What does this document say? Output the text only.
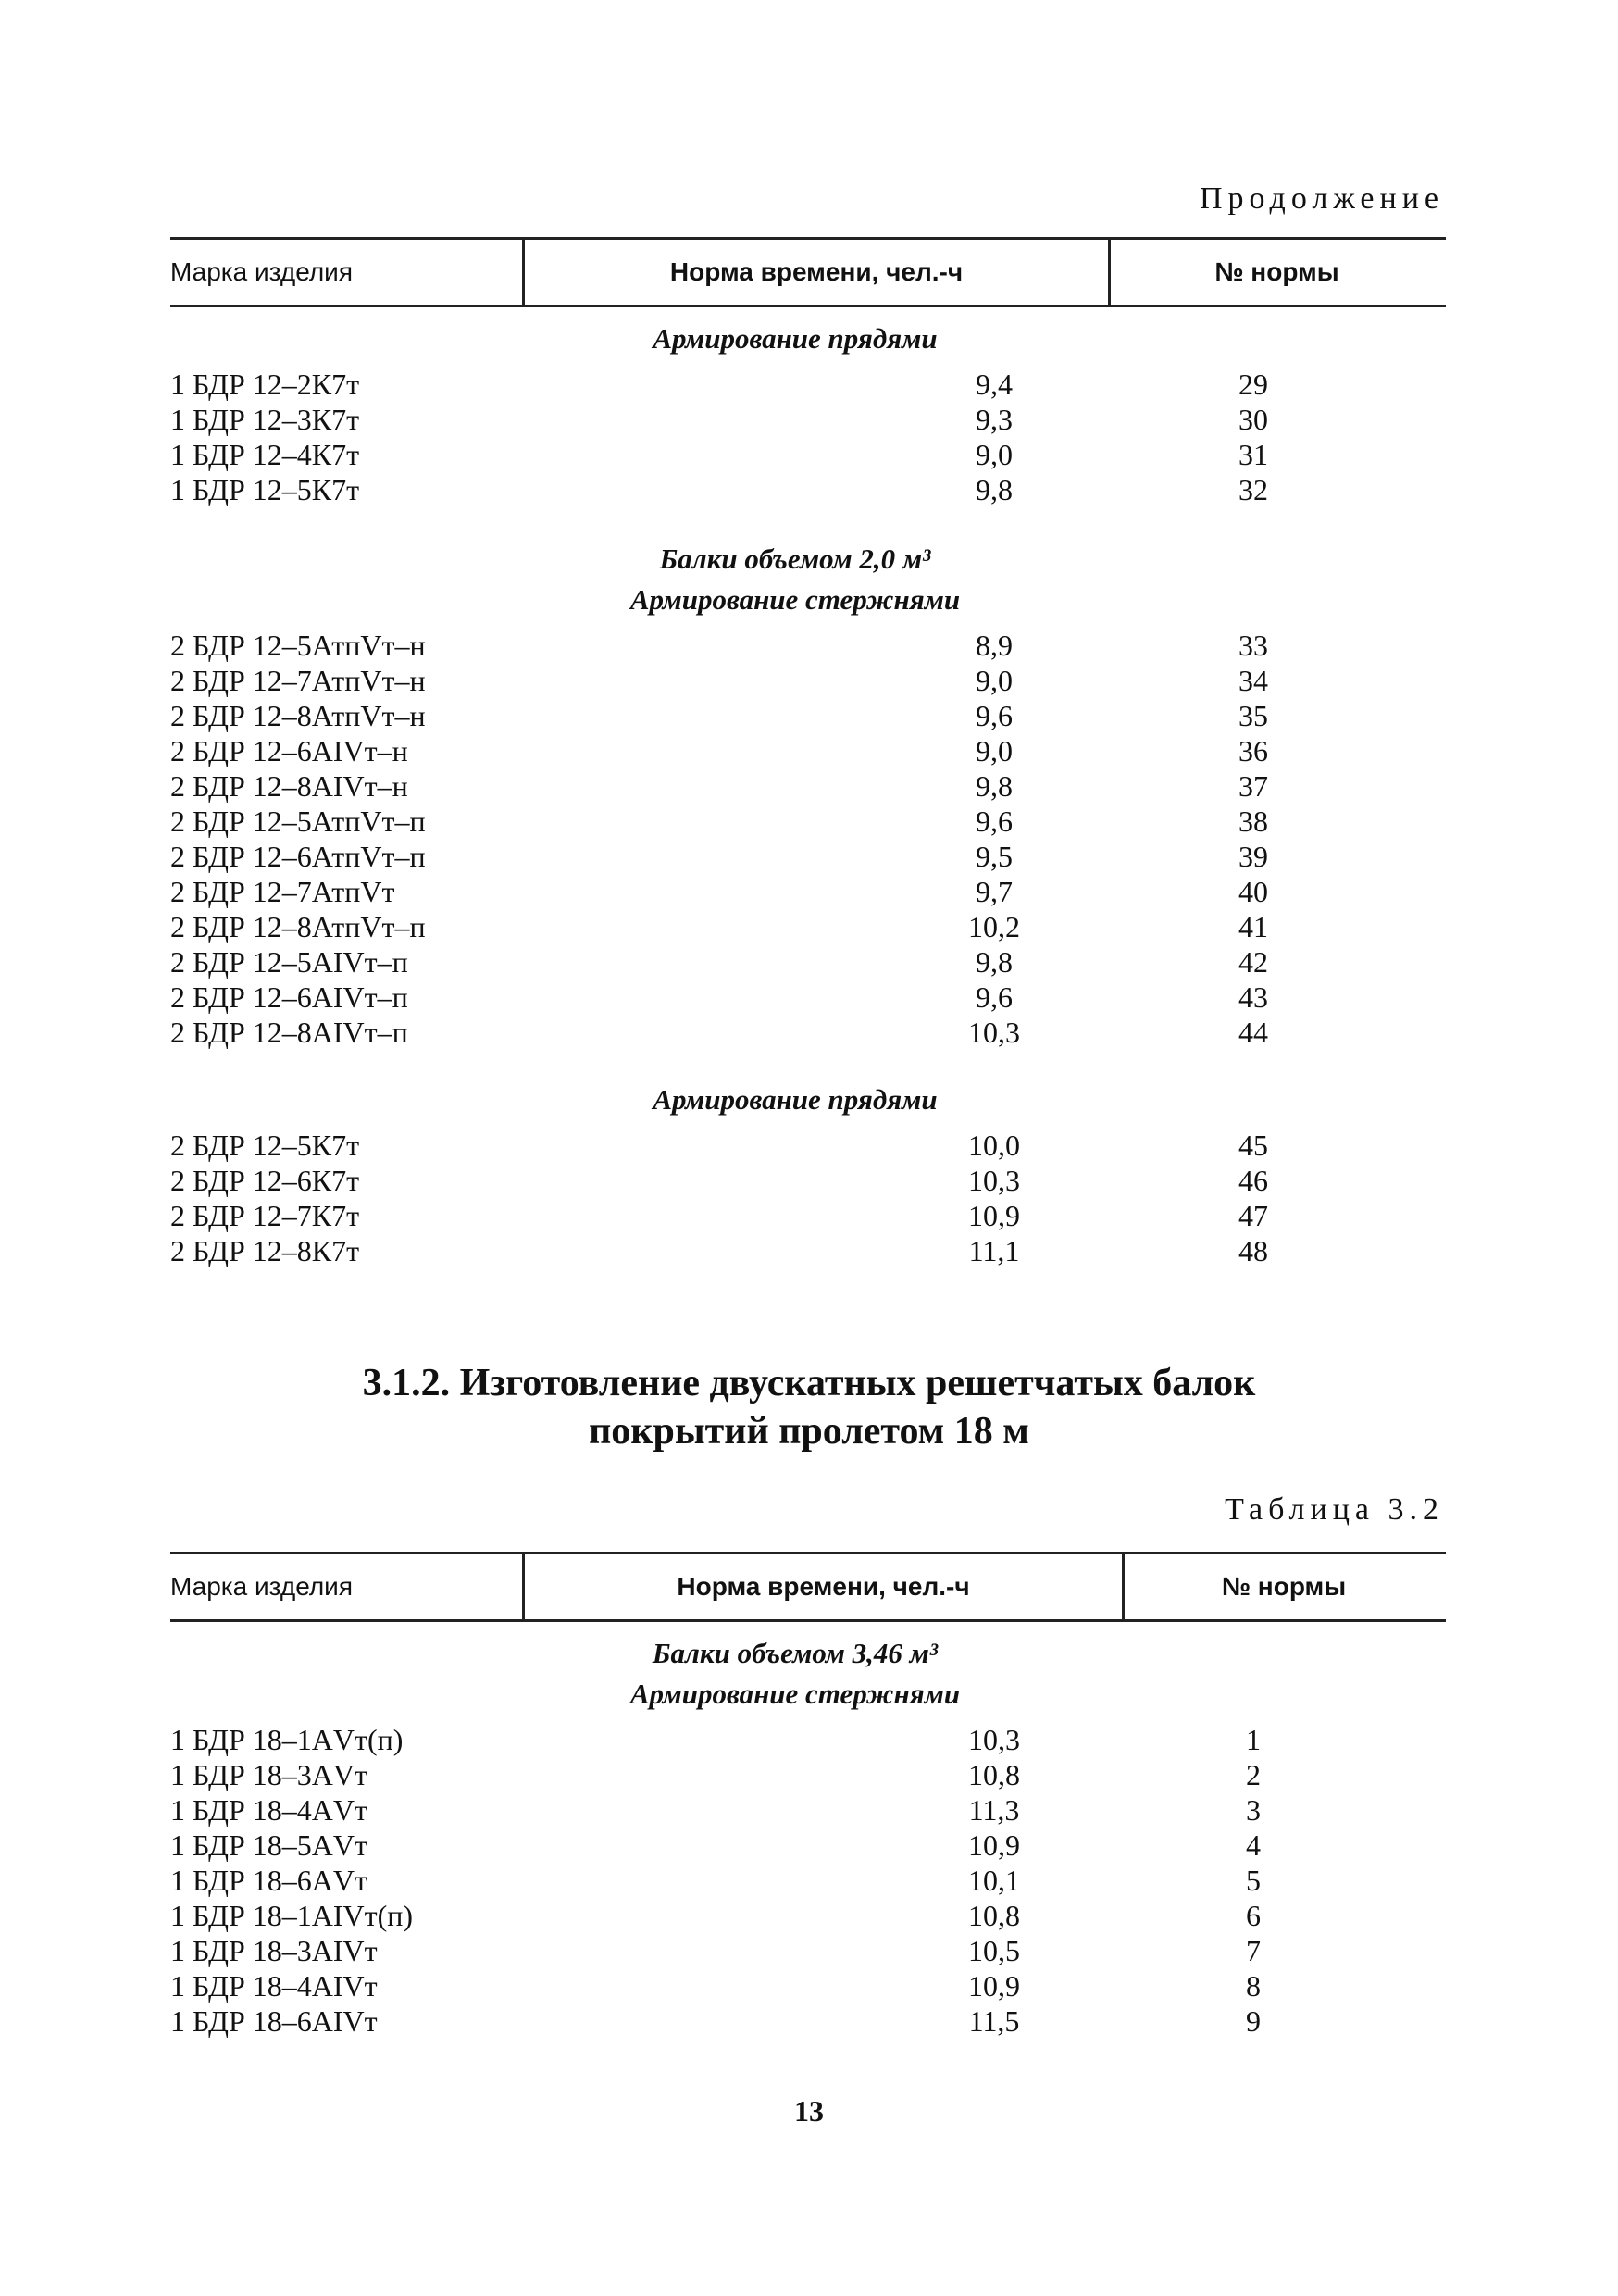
Продолжение
Марка изделия	Норма времени, чел.-ч	№ нормы
Армирование прядями
1 БДР 12–2К7т	9,4	29
1 БДР 12–3К7т	9,3	30
1 БДР 12–4К7т	9,0	31
1 БДР 12–5К7т	9,8	32
Балки объемом 2,0 м³
Армирование стержнями
2 БДР 12–5АтпVт–н	8,9	33
2 БДР 12–7АтпVт–н	9,0	34
2 БДР 12–8АтпVт–н	9,6	35
2 БДР 12–6АIVт–н	9,0	36
2 БДР 12–8АIVт–н	9,8	37
2 БДР 12–5АтпVт–п	9,6	38
2 БДР 12–6АтпVт–п	9,5	39
2 БДР 12–7АтпVт	9,7	40
2 БДР 12–8АтпVт–п	10,2	41
2 БДР 12–5АIVт–п	9,8	42
2 БДР 12–6АIVт–п	9,6	43
2 БДР 12–8АIVт–п	10,3	44
Армирование прядями
2 БДР 12–5К7т	10,0	45
2 БДР 12–6К7т	10,3	46
2 БДР 12–7К7т	10,9	47
2 БДР 12–8К7т	11,1	48
3.1.2. Изготовление двускатных решетчатых балок
покрытий пролетом 18 м
Таблица 3.2
Марка изделия	Норма времени, чел.-ч	№ нормы
Балки объемом 3,46 м³
Армирование стержнями
1 БДР 18–1АVт(п)	10,3	1
1 БДР 18–3АVт	10,8	2
1 БДР 18–4АVт	11,3	3
1 БДР 18–5АVт	10,9	4
1 БДР 18–6АVт	10,1	5
1 БДР 18–1АIVт(п)	10,8	6
1 БДР 18–3АIVт	10,5	7
1 БДР 18–4АIVт	10,9	8
1 БДР 18–6АIVт	11,5	9
13
